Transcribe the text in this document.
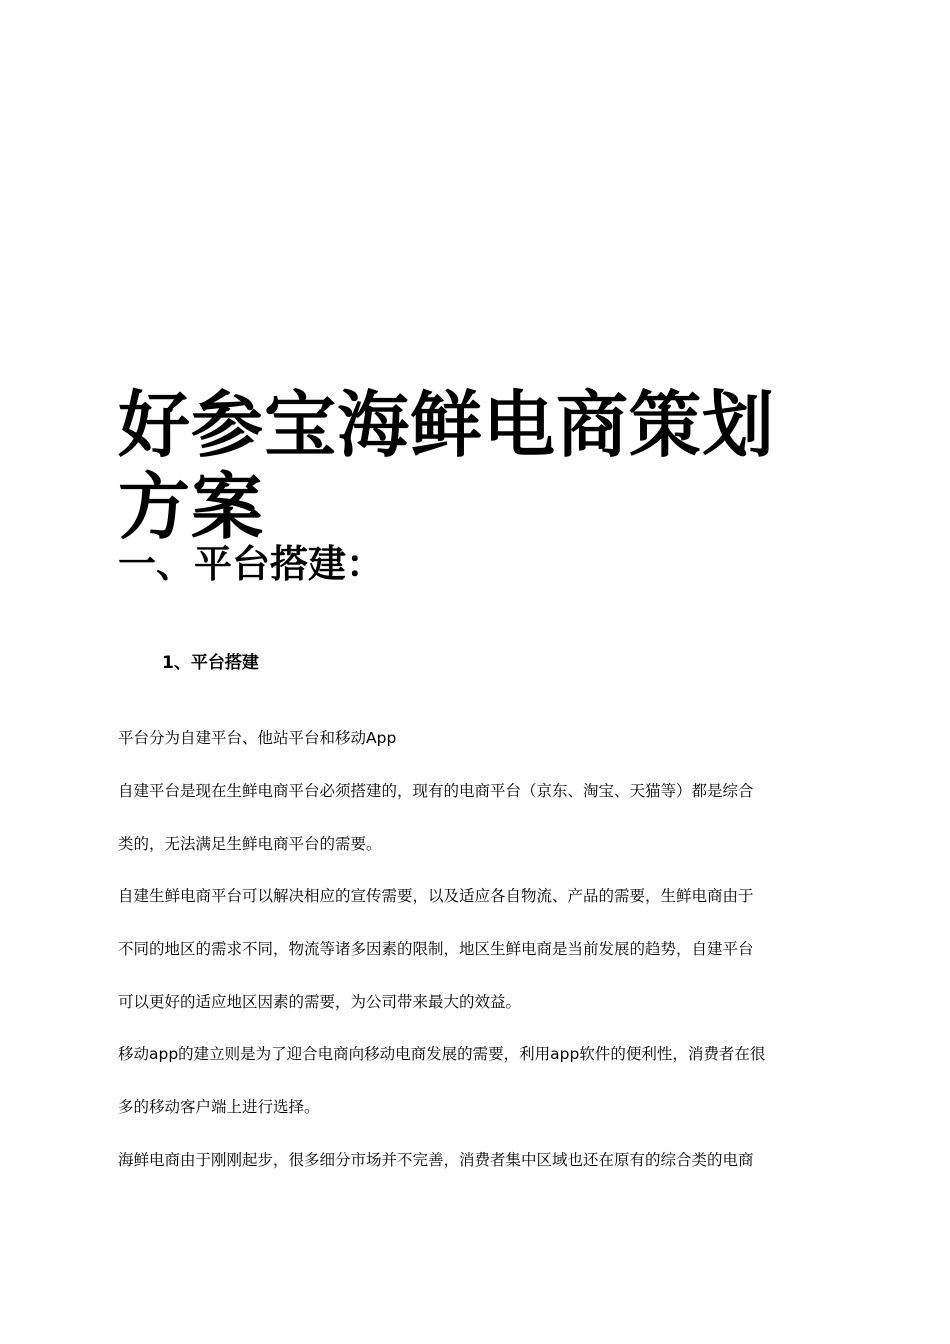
好参宝海鲜电商策划方案
一、平台搭建：
1、平台搭建

平台分为自建平台、他站平台和移动App

自建平台是现在生鲜电商平台必须搭建的，现有的电商平台（京东、淘宝、天猫等）都是综合

类的，无法满足生鲜电商平台的需要。

自建生鲜电商平台可以解决相应的宣传需要，以及适应各自物流、产品的需要，生鲜电商由于

不同的地区的需求不同，物流等诸多因素的限制，地区生鲜电商是当前发展的趋势，自建平台

可以更好的适应地区因素的需要，为公司带来最大的效益。

移动app的建立则是为了迎合电商向移动电商发展的需要，利用app软件的便利性，消费者在很

多的移动客户端上进行选择。

海鲜电商由于刚刚起步，很多细分市场并不完善，消费者集中区域也还在原有的综合类的电商
